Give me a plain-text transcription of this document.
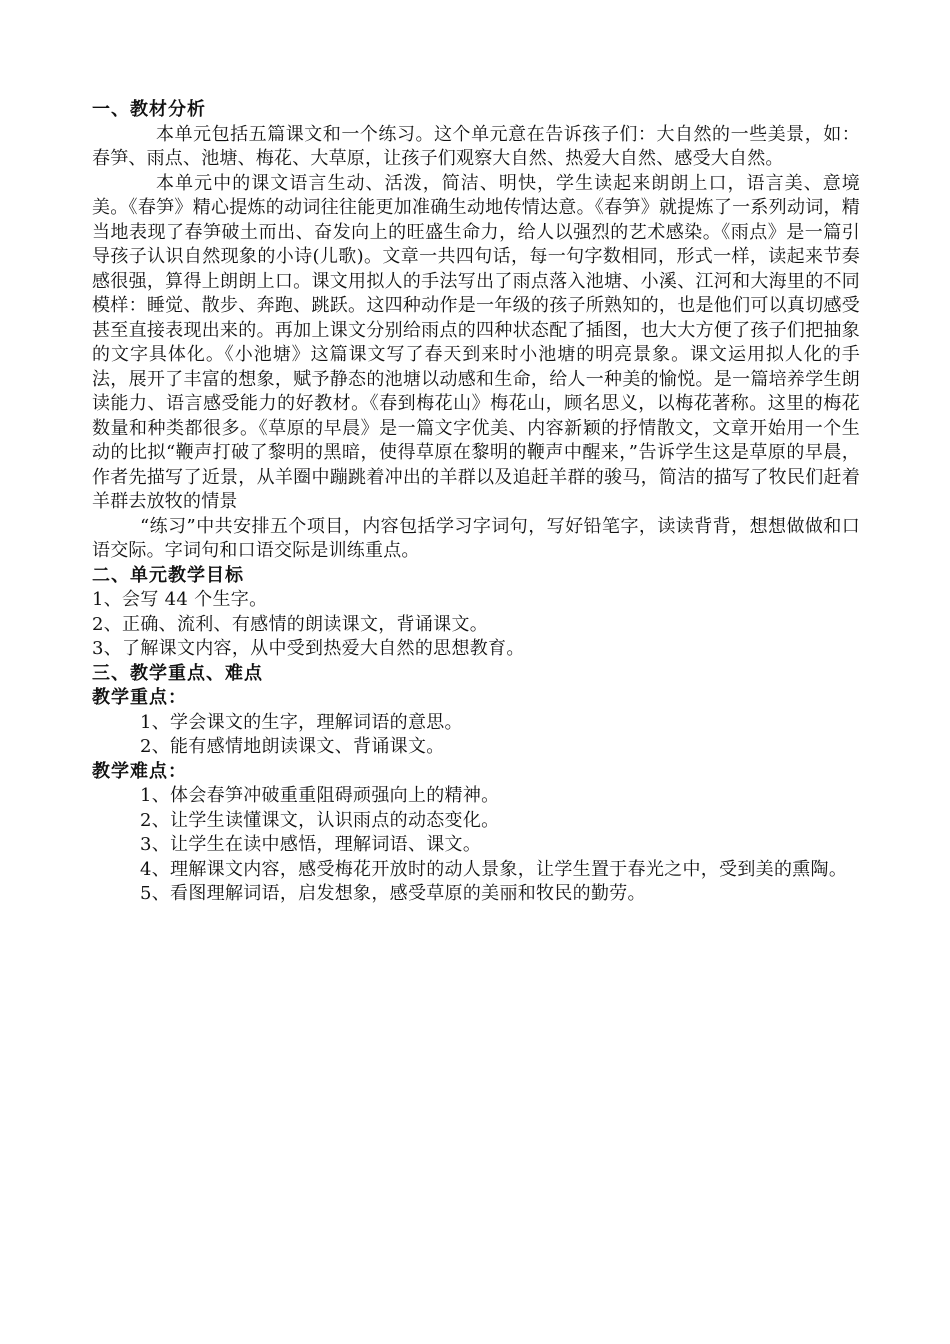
一、教材分析
本单元包括五篇课文和一个练习。这个单元意在告诉孩子们：大自然的一些美景，如：春笋、雨点、池塘、梅花、大草原，让孩子们观察大自然、热爱大自然、感受大自然。
本单元中的课文语言生动、活泼，简洁、明快，学生读起来朗朗上口，语言美、意境美。《春笋》精心提炼的动词往往能更加准确生动地传情达意。《春笋》就提炼了一系列动词，精当地表现了春笋破土而出、奋发向上的旺盛生命力，给人以强烈的艺术感染。《雨点》是一篇引导孩子认识自然现象的小诗(儿歌)。文章一共四句话，每一句字数相同，形式一样，读起来节奏感很强，算得上朗朗上口。课文用拟人的手法写出了雨点落入池塘、小溪、江河和大海里的不同模样：睡觉、散步、奔跑、跳跃。这四种动作是一年级的孩子所熟知的，也是他们可以真切感受甚至直接表现出来的。再加上课文分别给雨点的四种状态配了插图，也大大方便了孩子们把抽象的文字具体化。《小池塘》这篇课文写了春天到来时小池塘的明亮景象。课文运用拟人化的手法，展开了丰富的想象，赋予静态的池塘以动感和生命，给人一种美的愉悦。是一篇培养学生朗读能力、语言感受能力的好教材。《春到梅花山》梅花山，顾名思义，以梅花著称。这里的梅花数量和种类都很多。《草原的早晨》是一篇文字优美、内容新颖的抒情散文，文章开始用一个生动的比拟“鞭声打破了黎明的黑暗，使得草原在黎明的鞭声中醒来，”告诉学生这是草原的早晨，作者先描写了近景，从羊圈中蹦跳着冲出的羊群以及追赶羊群的骏马，简洁的描写了牧民们赶着羊群去放牧的情景
“练习”中共安排五个项目，内容包括学习字词句，写好铅笔字，读读背背，想想做做和口语交际。字词句和口语交际是训练重点。
二、单元教学目标
1、会写 44 个生字。
2、正确、流利、有感情的朗读课文，背诵课文。
3、了解课文内容，从中受到热爱大自然的思想教育。
三、教学重点、难点
教学重点：
1、学会课文的生字，理解词语的意思。
2、能有感情地朗读课文、背诵课文。
教学难点：
1、体会春笋冲破重重阻碍顽强向上的精神。
2、让学生读懂课文，认识雨点的动态变化。
3、让学生在读中感悟，理解词语、课文。
4、理解课文内容，感受梅花开放时的动人景象，让学生置于春光之中，受到美的熏陶。
5、看图理解词语，启发想象，感受草原的美丽和牧民的勤劳。
